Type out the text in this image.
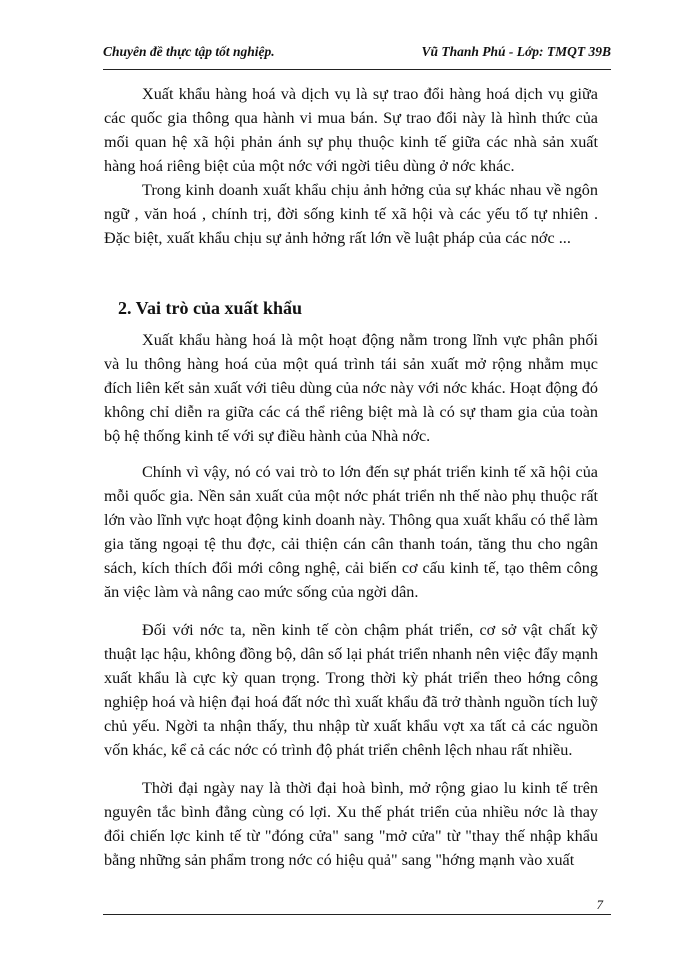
Chuyên đề thực tập tốt nghiệp.	Vũ Thanh Phú - Lớp: TMQT 39B

Xuất khẩu hàng hoá và dịch vụ là sự trao đổi hàng hoá dịch vụ giữa các quốc gia thông qua hành vi mua bán. Sự trao đổi này là hình thức của mối quan hệ xã hội phản ánh sự phụ thuộc kinh tế giữa các nhà sản xuất hàng hoá riêng biệt của một nớc với ngời tiêu dùng ở nớc khác.

Trong kinh doanh xuất khẩu chịu ảnh hởng của sự khác nhau về ngôn ngữ , văn hoá , chính trị, đời sống kinh tế xã hội và các yếu tố tự nhiên . Đặc biệt, xuất khẩu chịu sự ảnh hởng rất lớn về luật pháp của các nớc ...

2. Vai trò của xuất khẩu

Xuất khẩu hàng hoá là một hoạt động nằm trong lĩnh vực phân phối và lu thông hàng hoá của một quá trình tái sản xuất mở rộng nhằm mục đích liên kết sản xuất với tiêu dùng của nớc này với nớc khác. Hoạt động đó không chỉ diễn ra giữa các cá thể riêng biệt mà là có sự tham gia của toàn bộ hệ thống kinh tế với sự điều hành của Nhà nớc.

Chính vì vậy, nó có vai trò to lớn đến sự phát triển kinh tế xã hội của mỗi quốc gia. Nền sản xuất của một nớc phát triển nh thế nào phụ thuộc rất lớn vào lĩnh vực hoạt động kinh doanh này. Thông qua xuất khẩu có thể làm gia tăng ngoại tệ thu đợc, cải thiện cán cân thanh toán, tăng thu cho ngân sách, kích thích đổi mới công nghệ, cải biến cơ cấu kinh tế, tạo thêm công ăn việc làm và nâng cao mức sống của ngời dân.

Đối với nớc ta, nền kinh tế còn chậm phát triển, cơ sở vật chất kỹ thuật lạc hậu, không đồng bộ, dân số lại phát triển nhanh nên việc đẩy mạnh xuất khẩu là cực kỳ quan trọng. Trong thời kỳ phát triển theo hớng công nghiệp hoá và hiện đại hoá đất nớc thì xuất khẩu đã trở thành nguồn tích luỹ chủ yếu. Ngời ta nhận thấy, thu nhập từ xuất khẩu vợt xa tất cả các nguồn vốn khác, kể cả các nớc có trình độ phát triển chênh lệch nhau rất nhiều.

Thời đại ngày nay là thời đại hoà bình, mở rộng giao lu kinh tế trên nguyên tắc bình đẳng cùng có lợi. Xu thế phát triển của nhiều nớc là thay đổi chiến lợc kinh tế từ "đóng cửa" sang "mở cửa" từ "thay thế nhập khẩu bằng những sản phẩm trong nớc có hiệu quả" sang "hớng mạnh vào xuất

7
